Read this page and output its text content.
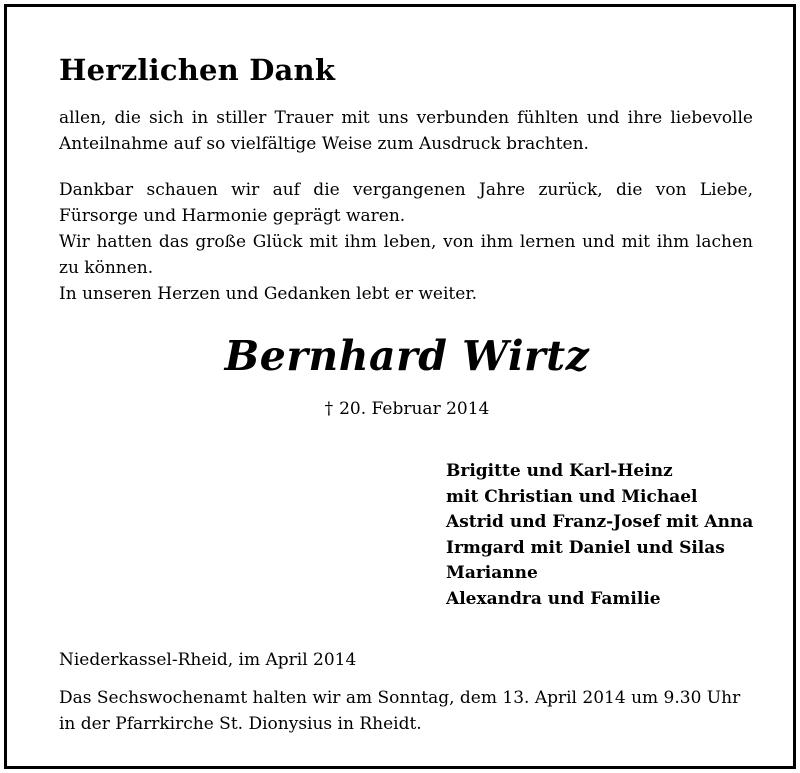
Herzlichen Dank

allen, die sich in stiller Trauer mit uns verbunden fühlten und ihre liebevolle
Anteilnahme auf so vielfältige Weise zum Ausdruck brachten.

Dankbar schauen wir auf die vergangenen Jahre zurück, die von Liebe,
Fürsorge und Harmonie geprägt waren.

Wir hatten das große Glück mit ihm leben, von ihm lernen und mit ihm lachen
zu können.

In unseren Herzen und Gedanken lebt er weiter.

Bernhard Wirtz

† 20. Februar 2014

Brigitte und Karl-Heinz
mit Christian und Michael
Astrid und Franz-Josef mit Anna
Irmgard mit Daniel und Silas
Marianne
Alexandra und Familie

Niederkassel-Rheid, im April 2014

Das Sechswochenamt halten wir am Sonntag, dem 13. April 2014 um 9.30 Uhr
in der Pfarrkirche St. Dionysius in Rheidt.
